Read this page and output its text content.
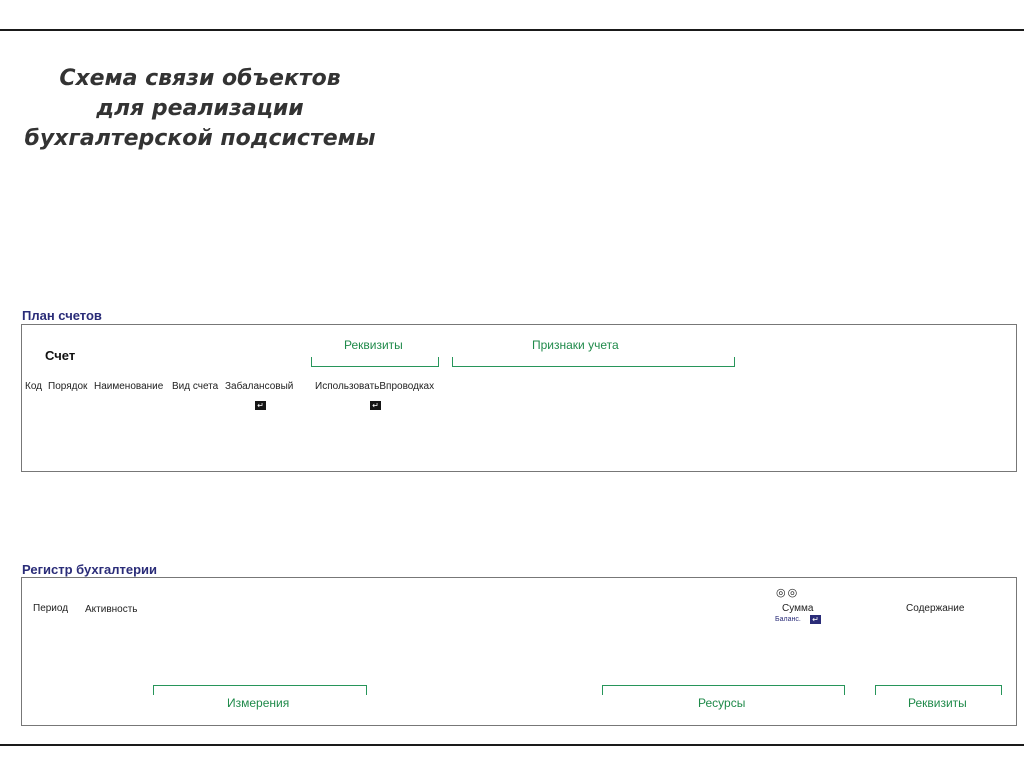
Схема связи объектов
для реализации
бухгалтерской подсистемы
План счетов
Счет
Реквизиты	Признаки учета
Код Порядок Наименование Вид счета Забалансовый ИспользоватьВпроводках
↵	↵
Регистр бухгалтерии
Период Активность
◎◎
Сумма
Баланс. ↵
Содержание
Измерения	Ресурсы	Реквизиты
